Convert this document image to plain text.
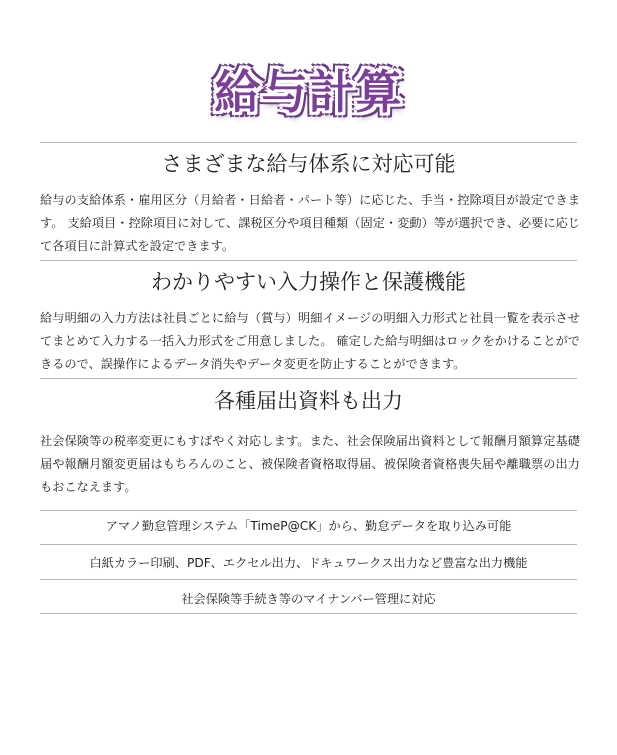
給与計算
さまざまな給与体系に対応可能
給与の支給体系・雇用区分（月給者・日給者・パート等）に応じた、手当・控除項目が設定できます。 支給項目・控除項目に対して、課税区分や項目種類（固定・変動）等が選択でき、必要に応じて各項目に計算式を設定できます。
わかりやすい入力操作と保護機能
給与明細の入力方法は社員ごとに給与（賞与）明細イメージの明細入力形式と社員一覧を表示させてまとめて入力する一括入力形式をご用意しました。 確定した給与明細はロックをかけることができるので、誤操作によるデータ消失やデータ変更を防止することができます。
各種届出資料も出力
社会保険等の税率変更にもすばやく対応します。また、社会保険届出資料として報酬月額算定基礎届や報酬月額変更届はもちろんのこと、被保険者資格取得届、被保険者資格喪失届や離職票の出力もおこなえます。
アマノ勤怠管理システム「TimeP@CK」から、勤怠データを取り込み可能
白紙カラー印刷、PDF、エクセル出力、ドキュワークス出力など豊富な出力機能
社会保険等手続き等のマイナンバー管理に対応
